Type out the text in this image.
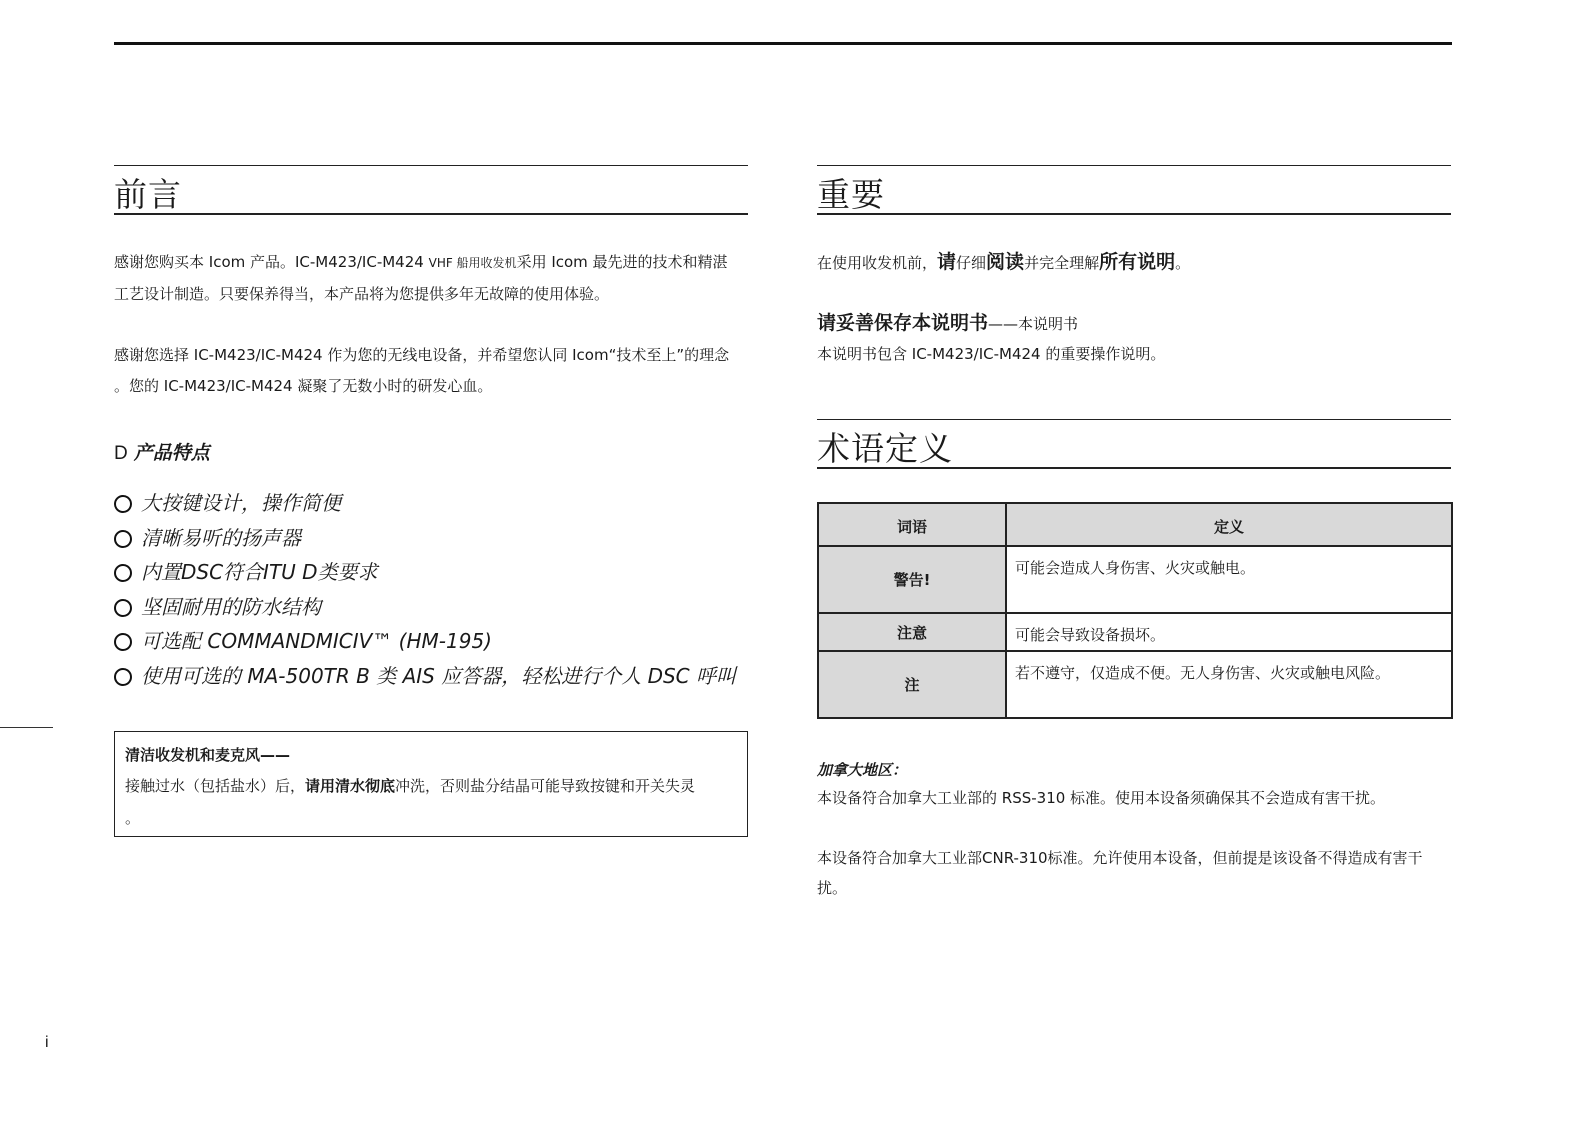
i
前言

感谢您购买本 Icom 产品。IC-M423/IC-M424 VHF 船用收发机采用 Icom 最先进的技术和精湛
工艺设计制造。只要保养得当，本产品将为您提供多年无故障的使用体验。

感谢您选择 IC-M423/IC-M424 作为您的无线电设备，并希望您认同 Icom“技术至上”的理念
。您的 IC-M423/IC-M424 凝聚了无数小时的研发心血。

D 产品特点
大按键设计，操作简便
清晰易听的扬声器
内置DSC符合ITU D类要求
坚固耐用的防水结构
可选配 COMMANDMICIV™ (HM-195)
使用可选的 MA-500TR B 类 AIS 应答器，轻松进行个人 DSC 呼叫
清洁收发机和麦克风——
接触过水（包括盐水）后，请用清水彻底冲洗，否则盐分结晶可能导致按键和开关失灵
。
重要
在使用收发机前，请仔细阅读并完全理解所有说明。
请妥善保存本说明书——本说明书
本说明书包含 IC-M423/IC-M424 的重要操作说明。
术语定义
词语	定义
警告!	可能会造成人身伤害、火灾或触电。
注意	可能会导致设备损坏。
注	若不遵守，仅造成不便。无人身伤害、火灾或触电风险。
加拿大地区：

本设备符合加拿大工业部的 RSS-310 标准。使用本设备须确保其不会造成有害干扰。

本设备符合加拿大工业部CNR-310标准。允许使用本设备，但前提是该设备不得造成有害干
扰。
